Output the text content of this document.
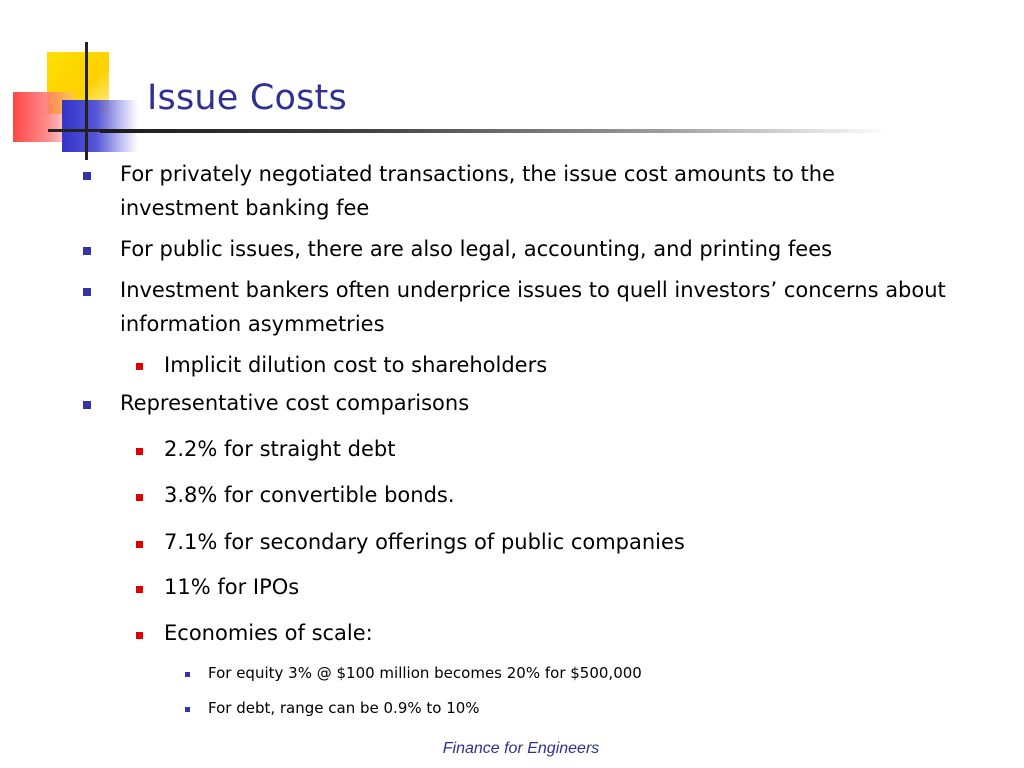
Issue Costs
For privately negotiated transactions, the issue cost amounts to the
investment banking fee
For public issues, there are also legal, accounting, and printing fees
Investment bankers often underprice issues to quell investors’ concerns about
information asymmetries
Implicit dilution cost to shareholders
Representative cost comparisons
2.2% for straight debt
3.8% for convertible bonds.
7.1% for secondary offerings of public companies
11% for IPOs
Economies of scale:
For equity 3% @ $100 million becomes 20% for $500,000
For debt, range can be 0.9% to 10%
Finance for Engineers
